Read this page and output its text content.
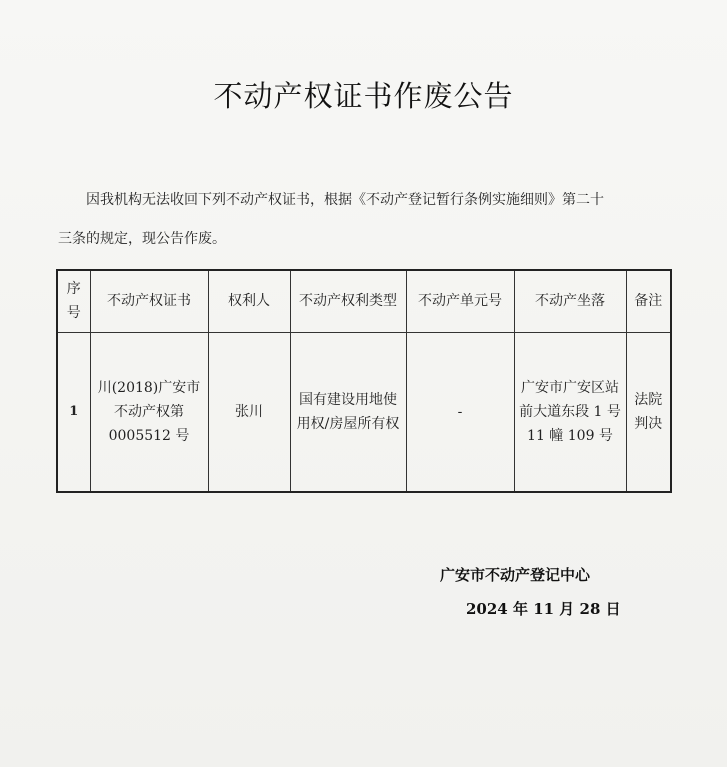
不动产权证书作废公告
因我机构无法收回下列不动产权证书，根据《不动产登记暂行条例实施细则》第二十
三条的规定，现公告作废。
序号	不动产权证书	权利人	不动产权利类型	不动产单元号	不动产坐落	备注
1	川(2018)广安市不动产权第 0005512 号	张川	国有建设用地使用权/房屋所有权	-	广安市广安区站前大道东段 1 号 11 幢 109 号	法院判决
广安市不动产登记中心
2024 年 11 月 28 日
